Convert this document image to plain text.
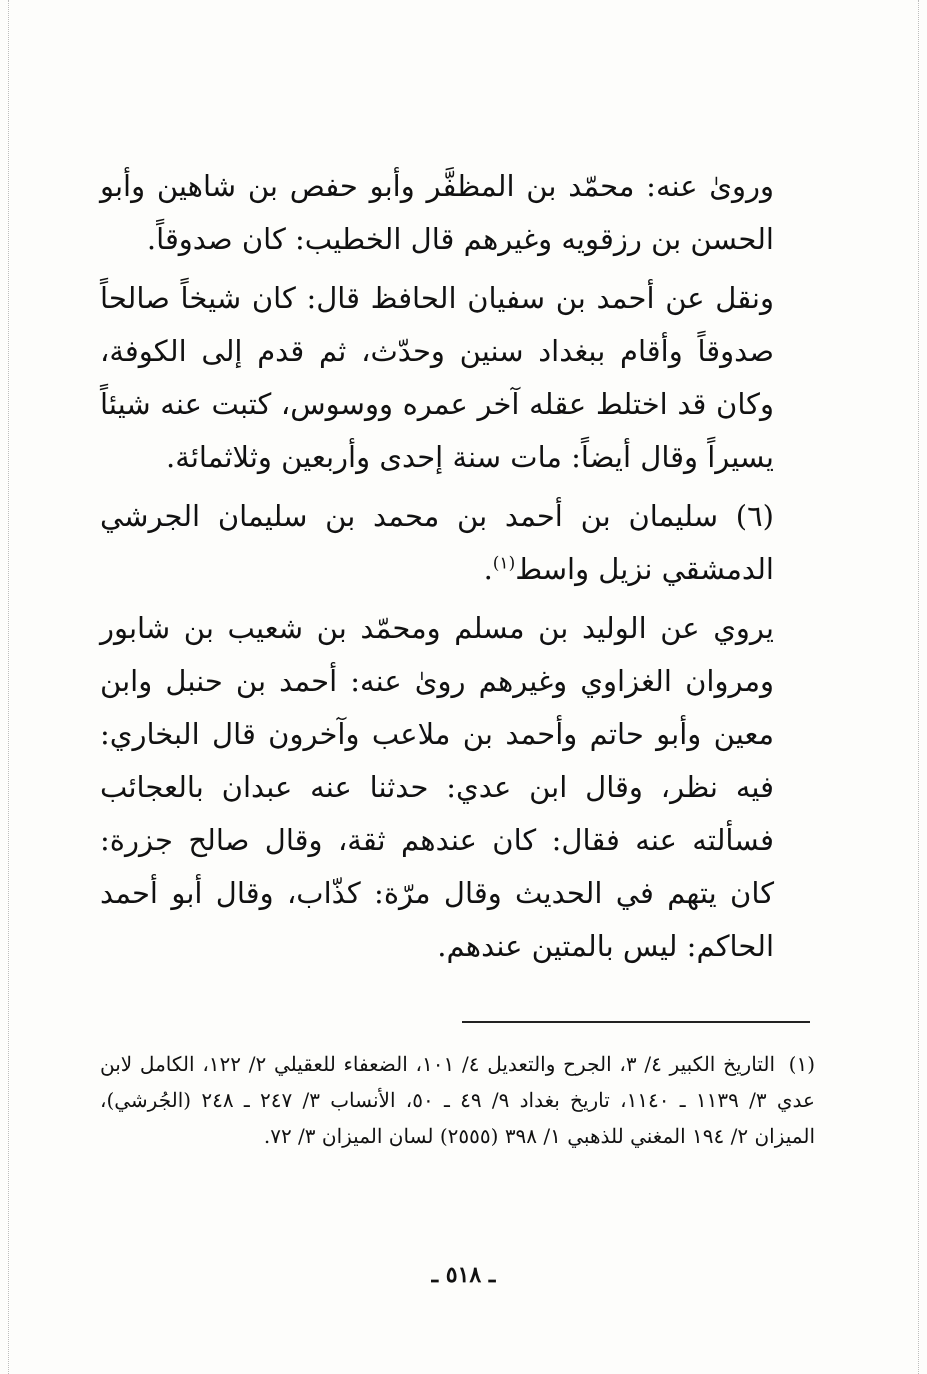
وروىٰ عنه: محمّد بن المظفَّر وأبو حفص بن شاهين وأبو الحسن بن رزقويه وغيرهم قال الخطيب: كان صدوقاً.

ونقل عن أحمد بن سفيان الحافظ قال: كان شيخاً صالحاً صدوقاً وأقام ببغداد سنين وحدّث، ثم قدم إلى الكوفة، وكان قد اختلط عقله آخر عمره ووسوس، كتبت عنه شيئاً يسيراً وقال أيضاً: مات سنة إحدى وأربعين وثلاثمائة.

(٦) سليمان بن أحمد بن محمد بن سليمان الجرشي الدمشقي نزيل واسط$^{(١)}$.

يروي عن الوليد بن مسلم ومحمّد بن شعيب بن شابور ومروان الغزاوي وغيرهم روىٰ عنه: أحمد بن حنبل وابن معين وأبو حاتم وأحمد بن ملاعب وآخرون قال البخاري: فيه نظر، وقال ابن عدي: حدثنا عنه عبدان بالعجائب فسألته عنه فقال: كان عندهم ثقة، وقال صالح جزرة: كان يتهم في الحديث وقال مرّة: كذّاب، وقال أبو أحمد الحاكم: ليس بالمتين عندهم.

(١)التاريخ الكبير ٤/ ٣، الجرح والتعديل ٤/ ١٠١، الضعفاء للعقيلي ٢/ ١٢٢، الكامل لابن عدي ٣/ ١١٣٩ ـ ١١٤٠، تاريخ بغداد ٩/ ٤٩ ـ ٥٠، الأنساب ٣/ ٢٤٧ ـ ٢٤٨ (الجُرشي)، الميزان ٢/ ١٩٤ المغني للذهبي ١/ ٣٩٨ (٢٥٥٥) لسان الميزان ٣/ ٧٢.
ـ ٥١٨ ـ
